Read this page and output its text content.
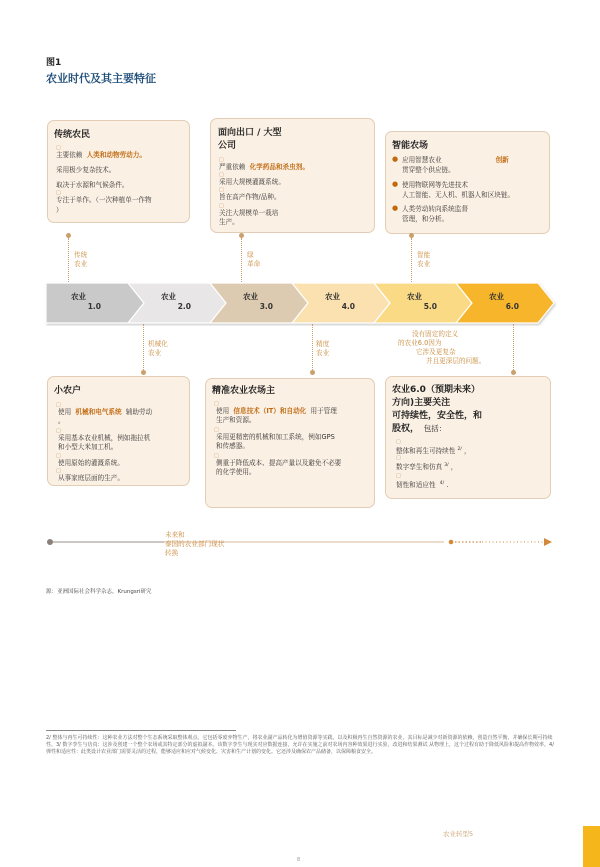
图1
农业时代及其主要特征
传统农民
□
主要依赖 人类和动物劳动力。
采用极少复杂技术。
取决于水源和气候条件。
□
专注于单作。（一次种植单一作物
）
面向出口 / 大型
公司
□
严重依赖 化学药品和杀虫剂。
□
采用大规模灌溉系统。
□
旨在高产作物/品种。
□
关注大规模单一栽培
生产。
智能农场
● 应用智慧农业	创新
贯穿整个供应链。
● 使用物联网等先进技术
人工智能、无人机、机器人和区块链。
● 人类劳动转向系统监督
管理，和分析。
传统
农业
绿
革命
智能
农业
农业
1.0
农业
2.0
农业
3.0
农业
4.0
农业
5.0
农业
6.0
机械化
农业
精度
农业
没有固定的定义
的农业6.0因为
它涉及更复杂
并且更深层的问题。
小农户
□
使用 机械和电气系统 辅助劳动
。
□
采用基本农业机械，例如拖拉机
和小型大米加工机。
□
使用原始的灌溉系统。
□
从事家庭层面的生产。
精准农业农场主
□
使用 信息技术（IT）和自动化 用于管理
生产和资源。
□
采用更精密的机械和加工系统，例如GPS
和传感器。
□
侧重于降低成本、提高产量以及避免不必要
的化学使用。
农业6.0（预期未来）
方向)主要关注
可持续性，安全性，和
股权， 包括：
□
整体和再生可持续性 $^{2/}$ ，
□
数字孪生和仿真 $^{3/}$ ，
□
韧性和适应性 $^{4/}$ .
未来和
泰国的农业部门现状
转换
源：亚洲国际社会科学杂志，Krungsri研究
2/ 整体与再生可持续性：这种农业方法对整个生态系统采取整体观点。它包括零废弃物生产，将农业副产品转化为增值资源等实践，以及积极再生自然资源的农业，其目标是减少对新资源的依赖，创造自然平衡，并确保长期可持续性。3/ 数字孪生与仿真：这涉及创建一个整个农场或其特定部分的虚拟副本。该数字孪生与现实对应数据连接，允许在实施之前对农场内容种效果进行实验，改进和结果测试 从物理上，这个过程有助于降低风险和提高作物效率。4/ 弹性和适应性：此类设计农业部门需要灵活的过程，能够适应和应对气候变化、灾害和生产计划的变化。它还涉及确保农产品储备，以保障粮食安全。
农业转型5
8
